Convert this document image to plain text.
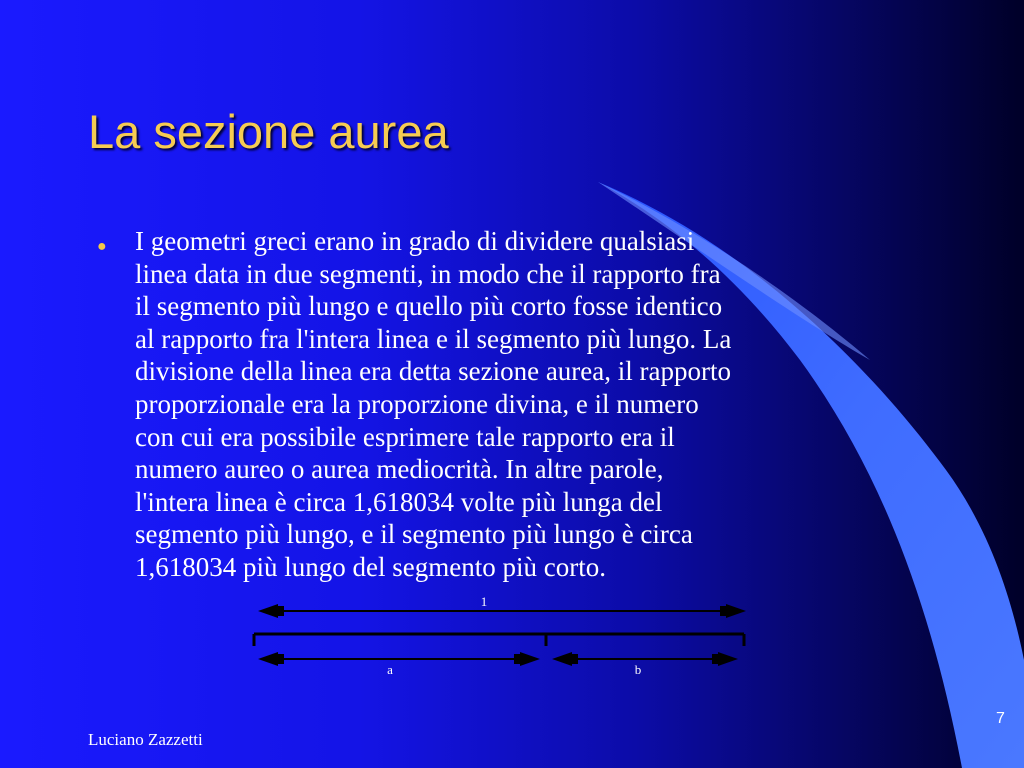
La sezione aurea
● I geometri greci erano in grado di dividere qualsiasi
linea data in due segmenti, in modo che il rapporto fra
il segmento più lungo e quello più corto fosse identico
al rapporto fra l'intera linea e il segmento più lungo. La
divisione della linea era detta sezione aurea, il rapporto
proporzionale era la proporzione divina, e il numero
con cui era possibile esprimere tale rapporto era il
numero aureo o aurea mediocrità. In altre parole,
l'intera linea è circa 1,618034 volte più lunga del
segmento più lungo, e il segmento più lungo è circa
1,618034 più lungo del segmento più corto.

1
a	b
Luciano Zazzetti
7
